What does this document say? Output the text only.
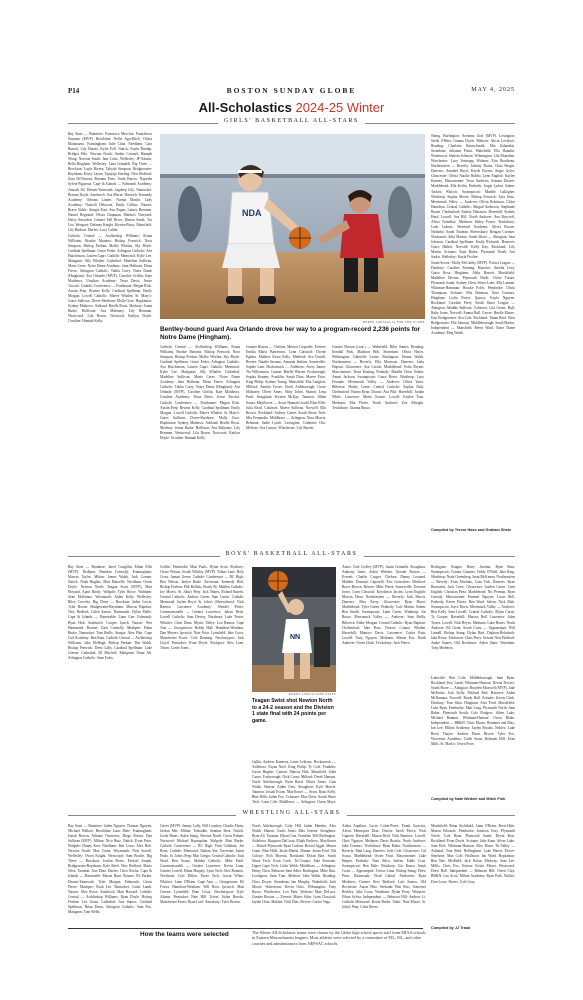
P14	BOSTON SUNDAY GLOBE	MAY 4, 2025
All-Scholastics 2024-25 Winter
GIRLS' BASKETBALL ALL-STARS

Bay State — Braintree: Francesca Mecchia, Franchesca Surjanto (MVP). Brookline: Nellie Agu-Kitch, Olivia Mattarazzo. Framingham: Julie Chan. Needham: Cara Barrett, Lily Duraio, Kylie Foll. Natick: Kayla Dunlap, Bridget Pelo. Newton North: Amber Coronel, Hannah Wong. Newton South: Jane Lobo. Wellesley: JP Adams, Bella Bingham. Wellesley: Lana Grimaldi. Big Three — Brockton: Layla Rivera, Taliyah Simpson. Bridgewater-Raynham: Kerry Layne, Tajayuja Starling. New Bedford: Zara DeVincent, Brianna Pires. Jesda Barros. Nayasha Sylvia-Figueroa. Cape & Islands — Falmouth Academy: Amirah Sil. Dennis-Yarmouth: Jagdeep Lily. Nantucket: Brenna Doyle. Sandwich: Ava Morin. Harwich: Kennedy Academy: Orleans Linnes. Norma Martin. Lady Academy: Nazvell Delacruz, Emily Collins. Nauset: Brave Noble. Sturgis East: Ava Pagan, Lainey Brennan. Nauset Regional: Olivia Chapman. Martha's Vineyard: Daisy Snowden. Greater Fall River: Diman Sarah. Tor Leo. Westport: Delaney Knight, Kirsten Bracy. Mansfield: Lily Hudson. Durfee: Lucy Calder.

Catholic Central — Archbishop Williams: Kiana Williams, Brooke Maratea. Bishop Fenwick: Nora Simpson, Bishop Feehan: Mollie Whelan, Sky Boyle. Cardinal Spellman: Grace Fedor. Arlington Catholic: Ava Hutchinson, Lauren Capri. Catholic Memorial: Kylie Lee. Matignon: Ally Whalen. Cathedral: Madeline Sullivan, Marie Ceres. Notre Dame Academy: Jana Halloran, Elena Fierro. Arlington Catholic: Tahlia Corry. Notre Dame (Hingham): Ava Orlando (MVP), Caroline Griffin, Kate Matthews. Ursuline Academy: Tessa Davis, Jessie Tuccini. Catholic Conference — Fontbonne: Megan Rich. Austin Prep: Brynne Kelly. Cardinal Spellman: Emily Morgan. Lowell Catholic: Maeve Whalen. St. Mary's: Grace Sullivan. Dover-Sherborn: Molly Gore. Hopkinton: Sydney Mathews. Ashland: Brielle Rossi. Medway: Jenna Burke. Holliston: Ava Mahoney, Lily Brennan. Westwood: Lila Rosen. Norwood: Kaitlyn Doyle. Ursuline: Hannah Kelly.

NDA
DEBEE TARTAGLIA FOR THE GLOBE
Bentley-bound guard Ava Orlando drove her way to a program-record 2,236 points for Notre Dame (Hingham).

Catholic Central — Archbishop Williams: Kiana Williams, Brooke Maratea. Bishop Fenwick: Nora Simpson, Bishop Feehan: Mollie Whelan, Sky Boyle. Cardinal Spellman: Grace Fedor. Arlington Catholic: Ava Hutchinson, Lauren Capri. Catholic Memorial: Kylie Lee. Matignon: Ally Whalen. Cathedral: Madeline Sullivan, Marie Ceres. Notre Dame Academy: Jana Halloran, Elena Fierro. Arlington Catholic: Tahlia Corry. Notre Dame (Hingham): Ava Orlando (MVP), Caroline Griffin, Kate Matthews. Ursuline Academy: Tessa Davis, Jessie Tuccini. Catholic Conference — Fontbonne: Megan Rich. Austin Prep: Brynne Kelly. Cardinal Spellman: Emily Morgan. Lowell Catholic: Maeve Whalen. St. Mary's: Grace Sullivan. Dover-Sherborn: Molly Gore. Hopkinton: Sydney Mathews. Ashland: Brielle Rossi. Medway: Jenna Burke. Holliston: Ava Mahoney, Lily Brennan. Westwood: Lila Rosen. Norwood: Kaitlyn Doyle. Ursuline: Hannah Kelly.

Greater Boston — Chelsea: Monica Cespedes. Everett: Emilia Maria Barrientos. Lynn Classical: Divine Egbeta. Malden: Keira Kelly. Medford: Ava Duvall. Revere: Natalie Serrano, Amanda Jenkins. Somerville: Sophie Lam. Hockomock — Attleboro: Avery James, Tia Williamson. Canton: Brielle Warren. Foxborough: Sophia Kenney. Franklin: Sarah Dion, Maeve Price. King Philip: Sydney Young. Mansfield: Mia Langlois. Milford: Amelia Torres. North Attleborough: Grace Mahoney. Oliver Ames: Abby Tobin. Sharon: Lena Patel. Stoughton: Kirsten McKay. Taunton: Jillian Souza. Mayflower — Avon: Hannah Gould. Blue Hills: Julia Read. Cohasset: Maeve Sullivan. Norwell: Ella Brown. Rockland: Sydney Carter. South Shore Tech: Mia Fernandes. Middlesex — Arlington: Nora Morris. Belmont: Sadie Lynch. Lexington: Catherine Cho. Melrose: Ava Conroy. Winchester: Lily Barrett.

Greater Boston (cont.) — Wakefield: Riley Santos. Reading: Kendall Park, Madison Holt. Stoneham: Olivia Hayes. Wilmington: Gabrielle Leone. Burlington: Emma Walsh. Northeastern — Beverly: Ella Morrison. Danvers: Jaela Dupont. Gloucester: Ava Cusick. Marblehead: Sofia Bryant. Masconomet: Tessa Keating. Peabody: Maddie Chen. Salem: Amari Jackson. Swampscott: Grace Rowe. Winthrop: Lucy Ferrante. Merrimack Valley — Andover: Olivia Yates. Billerica: Hailey Crane. Central Catholic: Sophia Daly. Chelmsford: Emma Ryan. Dracut: Ava Pike. Haverhill: Jordan White. Lawrence: Maria Gomez. Lowell: Kaylee Tran. Methuen: Mia Flores. North Andover: Zoe Albright. Tewksbury: Gianna Russo.

Sheng. Burlington: Savanna Graf (MVP). Lexington: Stella O'Hara, Gianna Doyle. Melrose: Alicia Lovelace. Reading: Charlotte Reinschmidt, Mia Zaharakis. Stoneham: Julianna Prizzi. Wakefield: Ella Hanafin. Watertown: Shalom Johnson. Wilmington: Lila Monahan. Winchester: Lucy Vontrapp. Woburn: Erin Boudreau. Northeastern — Beverly: Infinity Burns, Clara Bergin. Danvers: Annabel Boyd, Kayde Brown, Angie Gyles. Gloucester: Olivia Natalie Rubbo. Lynn English: Kaylee Kenney. Masconomet: Tessa Andrews, Samara Deaver. Marblehead: Ella Keilin. Peabody: Jorgie Lydon. Salem: Tashira Walcott. Swampscott: Maddie Gallagher. Winthrop: Sophia Moore. Bishop Fenwick: Ayla Sirac. Merrimack Valley — Andover: Olivia Robinson, Chloe Hamilton. Central Catholic: Abigail Anderson, Stephanie Ruane. Chelmsford: Audrey Dimarzio. Haverhill: Sydney Hurd. Lowell: Ava Hill. North Andover: Ana Baycroft, Alexa Tremblay. Methuen: Haley Foster. Tewksbury: Leah Ledoux. Westford Academy: Olivia Brown. Nashoba: Sarah Trudeau. Shrewsbury: Reagan Cormier. Wachusett: Julia Marino. South Shore — Abington: Sara Johnson. Cardinal Spellman: Emily Richards. Hanover: Grace Hallett. Norwell: Kelly Kay. Rockland: Lily Martin. Scituate: Kate Burke. Plymouth North: Ava Sarkis. Wellesley: Kayla Fischer.

South Sector: Molly McCarthy (MVP). Patriot League — Duxbury: Caroline Fanning. Hanover: Amelia Levy, Grace Ross. Hingham: Abby Barrett. Marshfield: Madeline Devine. Plymouth North: Chloe Turner. Plymouth South: Sydney Chen. Silver Lake: Ally Lannan. Whitman-Hansman: Brooke Foley. Pembroke: Olivia Thompson. Scituate: Ella Brennan, Gina Connors. Hingham: Lydia Porter. Quincy: Kayla Nguyen. Rockland: Caroline Perry. South Shore League — Abington: Maddie Sullivan. Cohasset: Lila Green. Hull: Ruby Jones. Norwell: Emma Ball. Carver: Brielle Moore. East Bridgewater: Ava Cole. Rockland: Tatum Reid. West Bridgewater: Ella Johnson. Middleborough: Sarah Martin. Independent — Mansfield: Reese Ward. Notre Dame Academy: Meg Walsh.

Compiled by Trevor Hass and Graham Shetz
BOYS' BASKETBALL ALL-STARS

Bay State — Braintree: Jared Coughlin, Ethan Ellis (MVP). Dedham: Brendan Connolly. Framingham: Marcus Taylor. Milton: James Walsh, Jack Conner. Natick: Noah Hughes, Matt Marcelle. Needham: Owen Doyle. Newton North: Teagan Swist (MVP), Matt Howard, Ajani Hardy. Walpole: Tyler Rowe. Waltham: Sean McKenna. Weymouth: Aiden Kelly. Wellesley: Riley Crowley. Big Three — Brockton: Jaden Lewis, Tyler Boone. Bridgewater-Raynham: Marcus Baptiste. New Bedford: Caleb Santos. Dartmouth: Dylan Mello. Cape & Islands — Barnstable: Liam Carr. Falmouth: Ryan Holt. Sandwich: Cooper Lynch. Nauset: Wes Hammond. Bourne: Zach Connolly. Mashpee: Ethan Burke. Nantucket: Tom Reilly. Sturgis: Alex Pike. Cape Cod Academy: Ben Ruiz. Catholic Central — Archbishop Williams: Jake McHugh. Bishop Feehan: Tim Walsh. Bishop Fenwick: Drew Lally. Cardinal Spellman: Luke Greene. Cathedral: DJ Mitchell. Matignon: Omar Ali. Arlington Catholic: Sean Foley.

Griffin. Pembroke: Matt Pauls, Dylan Scott. Roxbury: Chase Wilson, Josiah Whitley (MVP). Tobias Lane. Holy Cross: Jamari Green. Catholic Conference — BC High: Ben Nelson, Jaelyn Beale. Xavierian: Kennedy Holt, Bishop Feehan: Phil Bellido, Brody Bi. Malden Catholic: Joe Morris. St. John's Prep: Jack Nunes, Roland Barrett. Central Catholic: Andrew Green, Sam Curtin. Catholic Memorial: Jaylen Boyd. St. John's (Shrewsbury): Nick Barrow. Lawrence Academy: Wendel Pierre. Commonwealth — Greater Lawrence: Julian Beck. Lowell Catholic: Sam Dewey. Northeast: Luke Torres. Whittier: Chris Dean. Mystic Valley: Leo Ramos. Cape Ann — Georgetown: Bobby Hall. Hamilton-Wenham: Dan Meyers. Ipswich: Nate Price. Lynnfield: Jake Cross. Manchester Essex: Cole Denning. Newburyport: Jack Lloyd. Pentucket: Evan Doyle. Rockport: Alex Lane. Triton: Carter Jones.

NN
BARRY CHIN/GLOBE STAFF
Teagan Swist shot Newton North to a 24-2 season and the Division 1 state final with 24 points per game.

Gallin, Andrew Kanavos, Louie Lebrosa. Hockomock — Attleboro: Kiyan Noel. King Philip: Ty Cole. Franklin: Gavin Hughes. Canton: Marcus Holt. Mansfield: Jalen Carter. Foxborough: Nick Corey. Milford: Derek Hanson. North Attleborough: Ryan Reed. Oliver Ames: Cam Walsh. Sharon: Aidan Grey. Stoughton: Kyle Morris. Taunton: Josiah Evans. Mayflower — Avon: Ryan Kelly. Blue Hills: Jaden Fox. Cohasset: Max Drew. South Shore Tech: Liam Cole. Middlesex — Arlington: Owen Mays.

Amos: Cole Creffey (MVP), Justin Grimaldi. Stoughton: Anthony Jones. Aiden Webster. Greater Boston — Everett: Charlie Cooper. Chelsea: Danny Leonard. Malden: Dominic Caporelli, Eric Goncalves. Medford: Bryce Brown. Revere: Mike Pierre. Somerville: Terrence Jones. Lynn Classical: Keyshawn Jacobs. Lynn English: Marcus Dean. Northeastern — Beverly: Jack Morris. Danvers: Max Kerry. Gloucester: Ryan Howe. Marblehead: Tyler Green. Peabody: Cole Martin. Salem: Ben Smith. Swampscott: Liam Carter. Winthrop: Joe Russo. Merrimack Valley — Andover: Sam Reilly. Billerica: Eddie Morgan. Central Catholic: Ryan Baptiste. Chelmsford: Jake Ross. Dracut: Connor Whalen. Haverhill: Maurice Davis. Lawrence: Carlos Ruiz. Lowell: Tony Nguyen. Methuen: Mason Fox. North Andover: Owen Clark. Tewksbury: Jack Pierce.

Rodriguez. Saugus: Harry Joeamo, Ryan Shea. Swampscott: Connor Cianetto, Teddy O'Neill, Jake King. Winthrop: Noah Greenberg, Sean McKenna. Northeastern — Beverly: Evan Morinko, Cam Vick. Danvers: Ryan Bornstein, Jack Cross. Gloucester: Jayden Carter. Lynn English: Christian Pena. Marblehead: Nic Perman, Ryan Cassidy. Masconomet: Emmett Nguyen, Lucas Bell. Peabody: Kevin Flores, Ben Ward. Salem: Nick Dale. Swampscott: Jayce Davis. Merrimack Valley — Andover: Ben Kelly, Sam Lowell. Central Catholic: Rylan Curtis, Ty Cooper. Haverhill: Marcus Bell. Lawrence: Jalen Torres. Lowell: Nick Reyes. Methuen: Luke Harris. North Andover: Eli Grant. South Coast — Apponequet: Will Linnell. Bishop Stang: Dylan Hart. Dighton-Rehoboth: Jake Rowe. Fairhaven: Chris Perry. Greater New Bedford: Andre Soares. Old Rochester: Aiden Shaw. Wareham: Tony Medeiros.

Lakeville: Ben Cole. Middleborough: Sam Ryan. Rockland: Eric Lamb. Whitman-Hanson: Devon Powers. South Shore — Abington: Brayden Maxwell (MVP). Jake McEntire. Jack Kelly. Michael Reil. Hanover: Aiden McNamara. Norwell: Brady Hall. Scituate: Kevin Clark. Duxbury: Tom Shea. Hingham: Alex Ford. Marshfield: Luke Ryan. Pembroke: Matt Long. Plymouth North: Sam Baker. Plymouth South: Cole Rodgers. Silver Lake: Michael Bannon. Whitman-Hanson: Owen Blake. Independent — BB&N: Chris Moore. Brimmer and May: Ian Lee. Milton Academy: Jaylen Brooks. Nobles: Luke Reed. Thayer: Andrew Dunn. Rivers: Tyler Fox. Worcester Academy: Caleb Stone. Belmont Hill: Evan Mills. St. Mark's: Owen Price.

Compiled by Nate Weitzer and Mitch Fink
WRESTLING ALL-STARS

Bay State — Braintree: Jaden Nguyen, Thomas Nguyen, Michael Wallace. Brookline: Isaac Rhee. Framingham: Isaiah Brown, Adriano Ontiveros, Diego Rivera. Dan Sullivan (MVP). Milton: Nico Ruiz. Natick: Evan Price. Walpole: Danny Kerr. Needham: Ben Lowe, Alex Holt. Newton North: Max Carter. Weymouth: Nick Sorrell. Wellesley: Owen Knight. Westwood: Sam Brodie. Big Three — Brockton: Jordan Pierre, Ezekiel Joseph. Bridgewater-Raynham: Kyle Reed. New Bedford: Mario Silva. Taunton: Jose Diaz. Durfee: Chris Rocha. Cape & Islands — Barnstable: Mason Hunt. Bourne: Eli Parker. Dennis-Yarmouth: Tyler Morgan. Falmouth: Gavin Pierce. Mashpee: Noah Lee. Nantucket: Carter Lamb. Nauset: Alex Rowe. Sandwich: Matt Howard. Catholic Central — Archbishop Williams: Ryan Doyle. Bishop Feehan: Leo Grant. Cathedral: Jose Santos. Cardinal Spellman: Brian Dunn. Arlington Catholic: Sam Fox. Matignon: Tom Webb.

Gaves (MVP). Jimmy Lally, Will Lynskey, Charlie Flynn, Jordan Mei. Milton: Teshaddo, Seamus Shea. Natick: Jacob Hines, Aiden Stang. Newton North: Owen Palmer. Norwood: Michael Bayasgalan. Walpole: Matt Burke. Catholic Conference — BC High: Finn Callahan, Joe Ryan. Catholic Memorial: Nathan Yue. Xaverian: Justin Parks. St. John's Prep: Mac Gregor. Central Catholic: Jack Ward, Ben Sousa. Malden Catholic: Mike Patel. Commonwealth — Greater Lawrence: Kevin Luna. Greater Lowell: Ethan Murphy. Lynn Tech: Alex Romero. Northeast: Cole Dillon. Essex Tech: Gavin White. Whittier: Liam O'Brien. Cape Ann — Georgetown: Eli Foster. Hamilton-Wenham: Will Ross. Ipswich: Matt Greene. Lynnfield: Dom Costa. Newburyport: Kyle Adams. Pentucket: Nate Hill. Triton: Aidan Brooks. Manchester Essex: Ryan Lord. Amesbury: Tyler Brown.

North Attleborough: Cody Hill, Jaden Mendes, Alex Walsh. Sharon: Curtis Jones, Max Greene. Stoughton: Ryan Ali. Taunton: Ethan Cruz. Franklin: Will Buffington. Attleboro: Kingston DaCosta, Elijah Pacheco. Mayflower — Bristol-Plymouth: Ryan Carlson. Bristol Aggie: Mason Grant. Blue Hills: Jacob Martin. Diman: Justin Ford. Old Colony: Nick Moreau. Rockland: Dylan Hart. South Shore Tech: Evan Cook. Tri-County: Jake Fontaine. Upper Cape Tech: Colin Webb. Middlesex — Arlington: Henry Chen. Belmont: Sam Adler. Burlington: Mike Kim. Lexington: Sean Tran. Melrose: Jake Walsh. Reading: Chris Dwyer. Stoneham: Ian Murphy. Wakefield: Jack Moore. Watertown: Kevin Ortiz. Wilmington: Tony Russo. Winchester: Leo Park. Woburn: Matt DeLuca. Greater Boston — Everett: Mateo Silva. Lynn Classical: Jaylen Ortiz. Malden: Nick Dias. Revere: Carlos Vega.

Aiden Aquilina, Lucio Colon-Perez. Frank Gouveia, Alexis Henriquez Diaz. Dracut: Jacob Pierce, Nick Giguere. Haverhill: Mason Reid. Nick Ramirez. Lowell: Chris Nguyen. Methuen: Davis Brooks. North Andover: Jake Connors. Tewksbury: Ryan Baker. Northeastern — Beverly: Matt Lang. Danvers: Josh Cole. Gloucester: Cal Sousa. Marblehead: Owen Frost. Masconomet: Luke Harper. Peabody: Nate Silva. Salem: Eddie Cruz. Swampscott: Ben Hale. Winthrop: Gio Russo. South Coast — Apponequet: Trevor Lima. Bishop Stang: Drew Pires. Dartmouth: Noah Cabral. Fairhaven: Ryan Medeiros. Greater New Bedford: Luis Santos. Old Rochester: Aaron Pike. Seekonk: Ben Reis. Somerset Berkley: Jake Costa. Wareham: Dylan Perry. Westport: Ethan Sylvia. Independent — Belmont Hill: Andrew Li. Catholic Memorial: Kevin Burke. Tabor: Nate Moore. St. John's Prep: Colin Reese.

Marshfield: Brian Archibald, Liam O'Brien, Brett Hale. Mason Edwards. Pembroke: Jamison Gray. Plymouth North: Cole Ryan. Plymouth South: Devin Kerr. Rockland: Evan Doyle. Scituate: Jake Kane. Silver Lake: Sam Holt. Whitman-Hanson: Alex Dunn. Tri-Valley — Ashland: Tom Reid. Bellingham: Luke Harris. Dover-Sherborn: Max Cole. Holliston: Ian Ward. Hopkinton: Ben Tate. Medfield: Jack Nolan. Medway: Sam Lee. Millis: Chris Fox. Norton: Kevin Mayer. Westwood: Drew Ball. Independent — Belmont Hill: Owen Clay. BB&N: Leo Scott. Milton Academy: Ryan Park. Nobles: Finn Lowe. Rivers: Cole Gray.

Compiled by JJ Traub
How the teams were selected	The Winter All-Scholastic teams were chosen by the Globe high school sports staff from MIAA schools in Eastern Massachusetts leagues. Most athletes were selected by a committee of EIL, ISL, and other coaches and administrators from NEPSAC schools.
